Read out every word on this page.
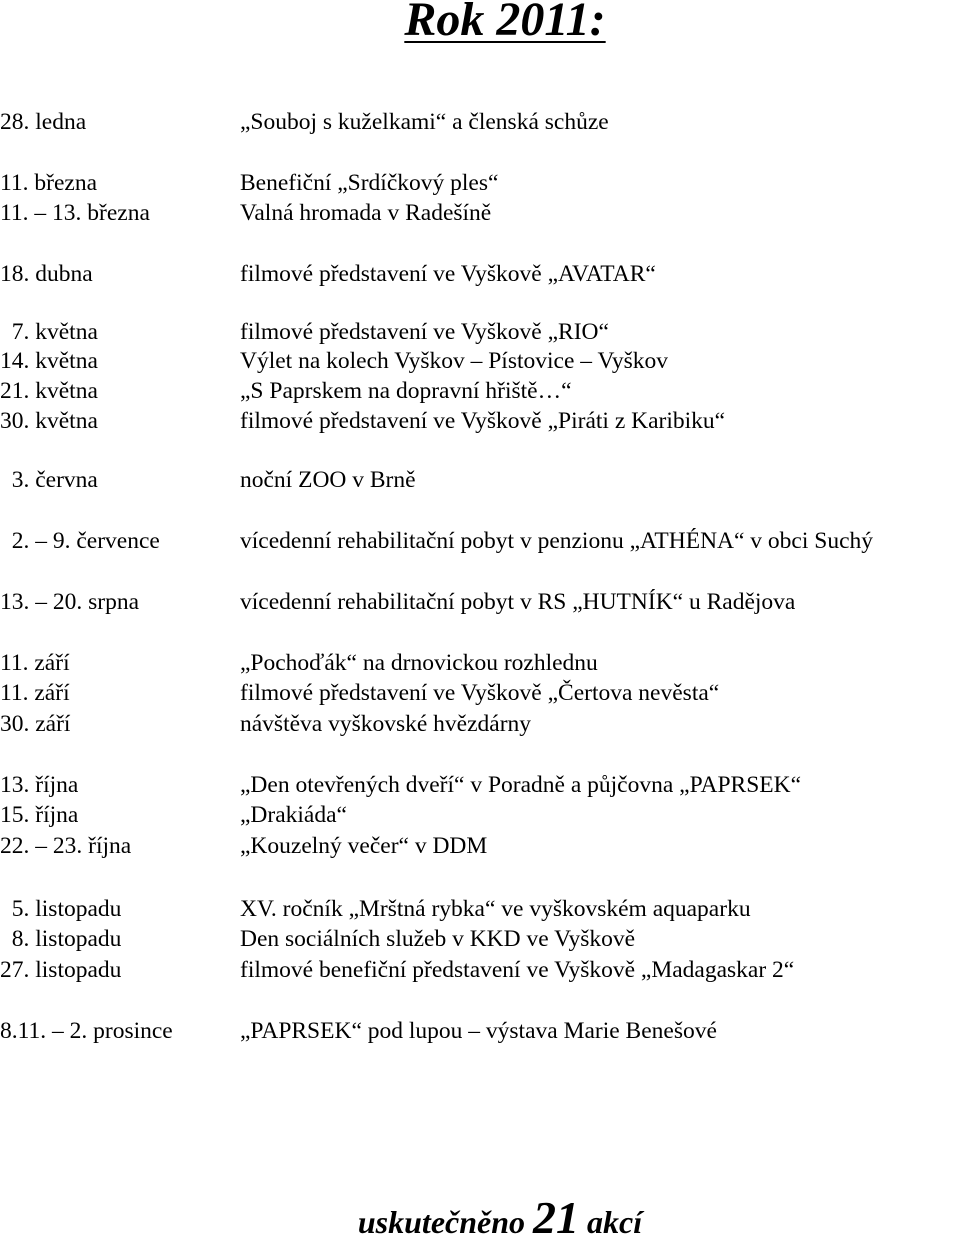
Rok 2011:
28. ledna	„Souboj s kuželkami“ a členská schůze
11. března	Benefiční „Srdíčkový ples“
11. – 13. března	Valná hromada v Radešíně
18. dubna	filmové představení ve Vyškově „AVATAR“
7. května	filmové představení ve Vyškově „RIO“
14. května	Výlet na kolech Vyškov – Pístovice – Vyškov
21. května	„S Paprskem na dopravní hřiště…“
30. května	filmové představení ve Vyškově „Piráti z Karibiku“
3. června	noční ZOO v Brně
2. – 9. července	vícedenní rehabilitační pobyt v penzionu „ATHÉNA“ v obci Suchý
13. – 20. srpna	vícedenní rehabilitační pobyt v RS „HUTNÍK“ u Radějova
11. září	„Pochoďák“ na drnovickou rozhlednu
11. září	filmové představení ve Vyškově „Čertova nevěsta“
30. září	návštěva vyškovské hvězdárny
13. října	„Den otevřených dveří“ v Poradně a půjčovna „PAPRSEK“
15. října	„Drakiáda“
22. – 23. října	„Kouzelný večer“ v DDM
5. listopadu	XV. ročník „Mrštná rybka“ ve vyškovském aquaparku
8. listopadu	Den sociálních služeb v KKD ve Vyškově
27. listopadu	filmové benefiční představení ve Vyškově „Madagaskar 2“
8.11. – 2. prosince	„PAPRSEK“ pod lupou – výstava Marie Benešové
uskutečněno 21 akcí
